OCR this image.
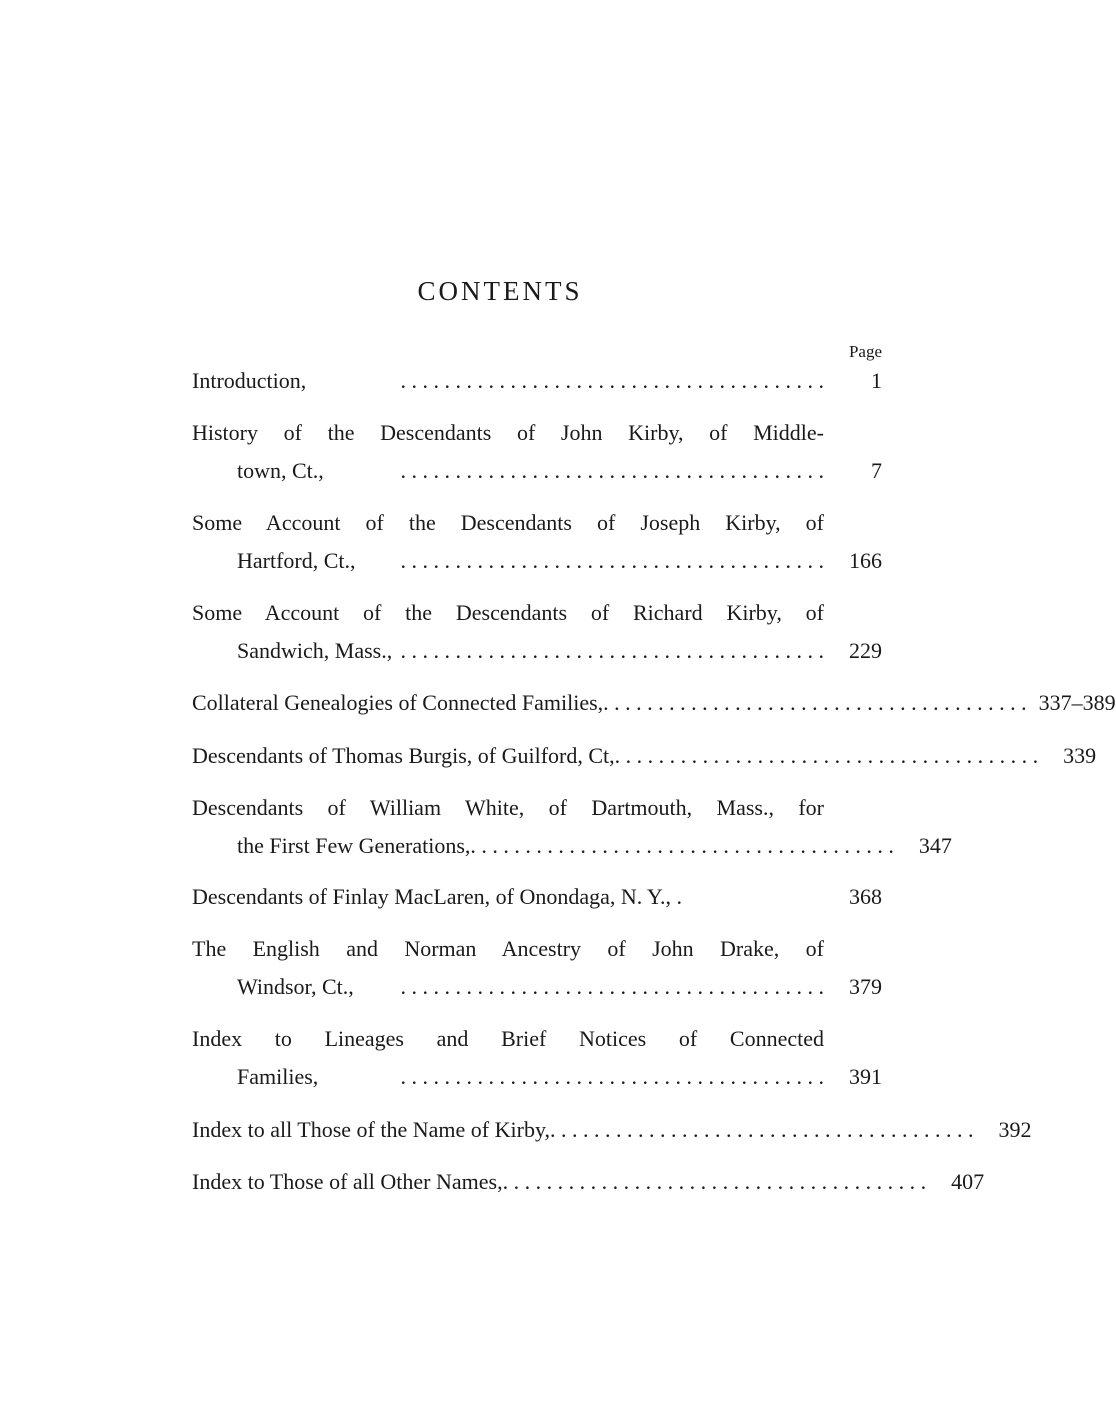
CONTENTS
Page
Introduction,	. . . . . . . . . . . . . . . . . . . . . . . . . . . . . . . . . . . . . . .	1
History of the Descendants of John Kirby, of Middle-
town, Ct.,	. . . . . . . . . . . . . . . . . . . . . . . . . . . . . . . . . . . . . . .	7
Some Account of the Descendants of Joseph Kirby, of
Hartford, Ct.,	. . . . . . . . . . . . . . . . . . . . . . . . . . . . . . . . . . . . . . .	166
Some Account of the Descendants of Richard Kirby, of
Sandwich, Mass., . . . . . . . . . . . . . . . . . . . . . . . . . . . . . . . . . . . . . . .	229
Collateral Genealogies of Connected Families, . . . . . . . . . . . . . . . . . . . . . . . . . . . . . . . . . . . . . . . 337–389
Descendants of Thomas Burgis, of Guilford, Ct, . . . . . . . . . . . . . . . . . . . . . . . . . . . . . . . . . . . . . . .	339
Descendants of William White, of Dartmouth, Mass., for
the First Few Generations, . . . . . . . . . . . . . . . . . . . . . . . . . . . . . . . . . . . . . . .	347
Descendants of Finlay MacLaren, of Onondaga, N. Y., .	368
The English and Norman Ancestry of John Drake, of
Windsor, Ct.,	. . . . . . . . . . . . . . . . . . . . . . . . . . . . . . . . . . . . . . .	379
Index to Lineages and Brief Notices of Connected
Families,	. . . . . . . . . . . . . . . . . . . . . . . . . . . . . . . . . . . . . . .	391
Index to all Those of the Name of Kirby, . . . . . . . . . . . . . . . . . . . . . . . . . . . . . . . . . . . . . . .	392
Index to Those of all Other Names, . . . . . . . . . . . . . . . . . . . . . . . . . . . . . . . . . . . . . . .	407
